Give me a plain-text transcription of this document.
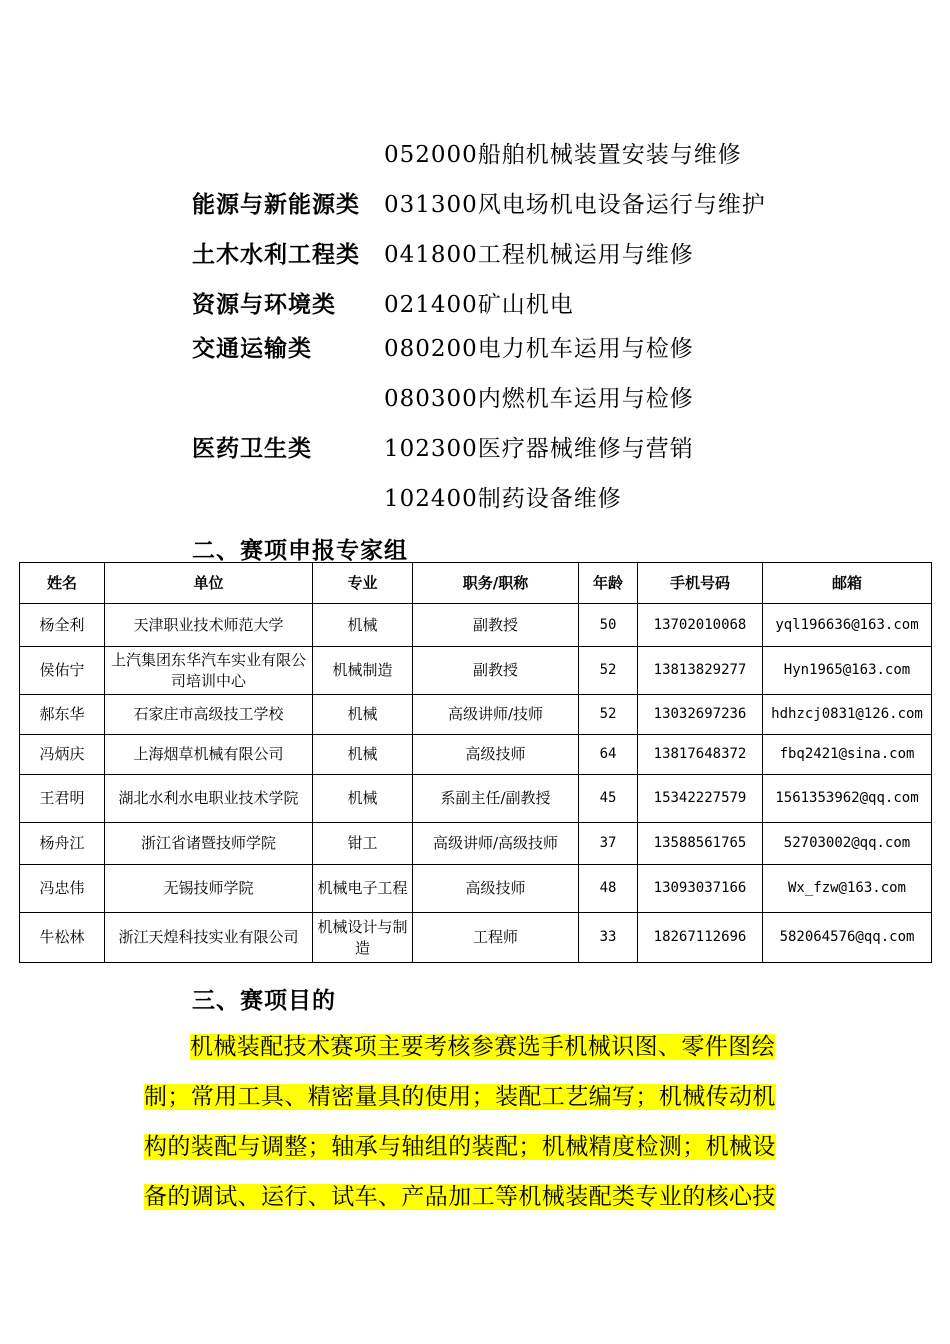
052000船舶机械装置安装与维修
能源与新能源类 031300风电场机电设备运行与维护
土木水利工程类 041800工程机械运用与维修
资源与环境类 021400矿山机电
交通运输类	080200电力机车运用与检修
080300内燃机车运用与检修
医药卫生类	102300医疗器械维修与营销
102400制药设备维修
二、赛项申报专家组
姓名	单位	专业	职务/职称	年龄	手机号码	邮箱
杨全利	天津职业技术师范大学	机械	副教授	50	13702010068	yql196636@163.com
侯佑宁	上汽集团东华汽车实业有限公司培训中心	机械制造	副教授	52	13813829277	Hyn1965@163.com
郝东华	石家庄市高级技工学校	机械	高级讲师/技师	52	13032697236	hdhzcj0831@126.com
冯炳庆	上海烟草机械有限公司	机械	高级技师	64	13817648372	fbq2421@sina.com
王君明	湖北水利水电职业技术学院	机械	系副主任/副教授	45	15342227579	1561353962@qq.com
杨舟江	浙江省诸暨技师学院	钳工	高级讲师/高级技师	37	13588561765	52703002@qq.com
冯忠伟	无锡技师学院	机械电子工程	高级技师	48	13093037166	Wx_fzw@163.com
牛松林	浙江天煌科技实业有限公司	机械设计与制造	工程师	33	18267112696	582064576@qq.com
三、赛项目的
机械装配技术赛项主要考核参赛选手机械识图、零件图绘
制；常用工具、精密量具的使用；装配工艺编写；机械传动机
构的装配与调整；轴承与轴组的装配；机械精度检测；机械设
备的调试、运行、试车、产品加工等机械装配类专业的核心技
